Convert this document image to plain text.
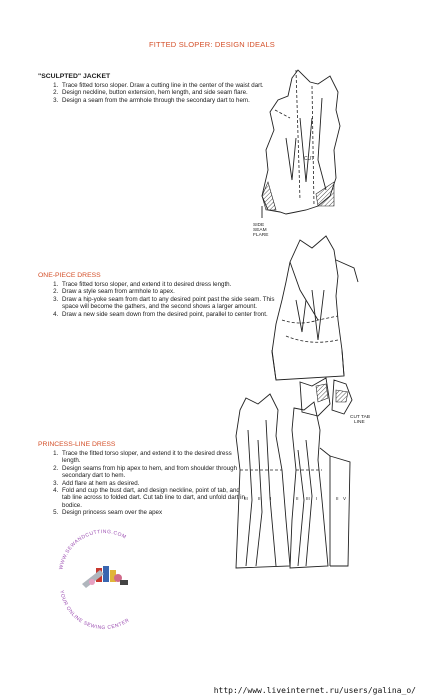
FITTED SLOPER: DESIGN IDEALS
"SCULPTED" JACKET
1. Trace fitted torso sloper. Draw a cutting line in the center of the waist dart.
2. Design neckline, button extension, hem length, and side seam flare.
3. Design a seam from the armhole through the secondary dart to hem.
ONE-PIECE DRESS
1. Trace fitted torso sloper, and extend it to desired dress length.
2. Draw a style seam from armhole to apex.
3. Draw a hip-yoke seam from dart to any desired point past the side seam. This space will become the gathers, and the second shows a larger amount.
4. Draw a new side seam down from the desired point, parallel to center front.
PRINCESS-LINE DRESS
1. Trace the fitted torso sloper, and extend it to the desired dress length.
2. Design seams from hip apex to hem, and from shoulder through secondary dart to hem.
3. Add flare at hem as desired.
4. Fold and cup the bust dart, and design neckline, point of tab, and tab line across to folded dart. Cut tab line to dart, and unfold dart in bodice.
5. Design princess seam over the apex
CUT
SIDE SEAM FLARE
CUT TAB LINE
III II I	II III I	II V
WWW.SEWANDCUTTING.COM
YOUR ONLINE SEWING CENTER
http://www.liveinternet.ru/users/galina_o/
